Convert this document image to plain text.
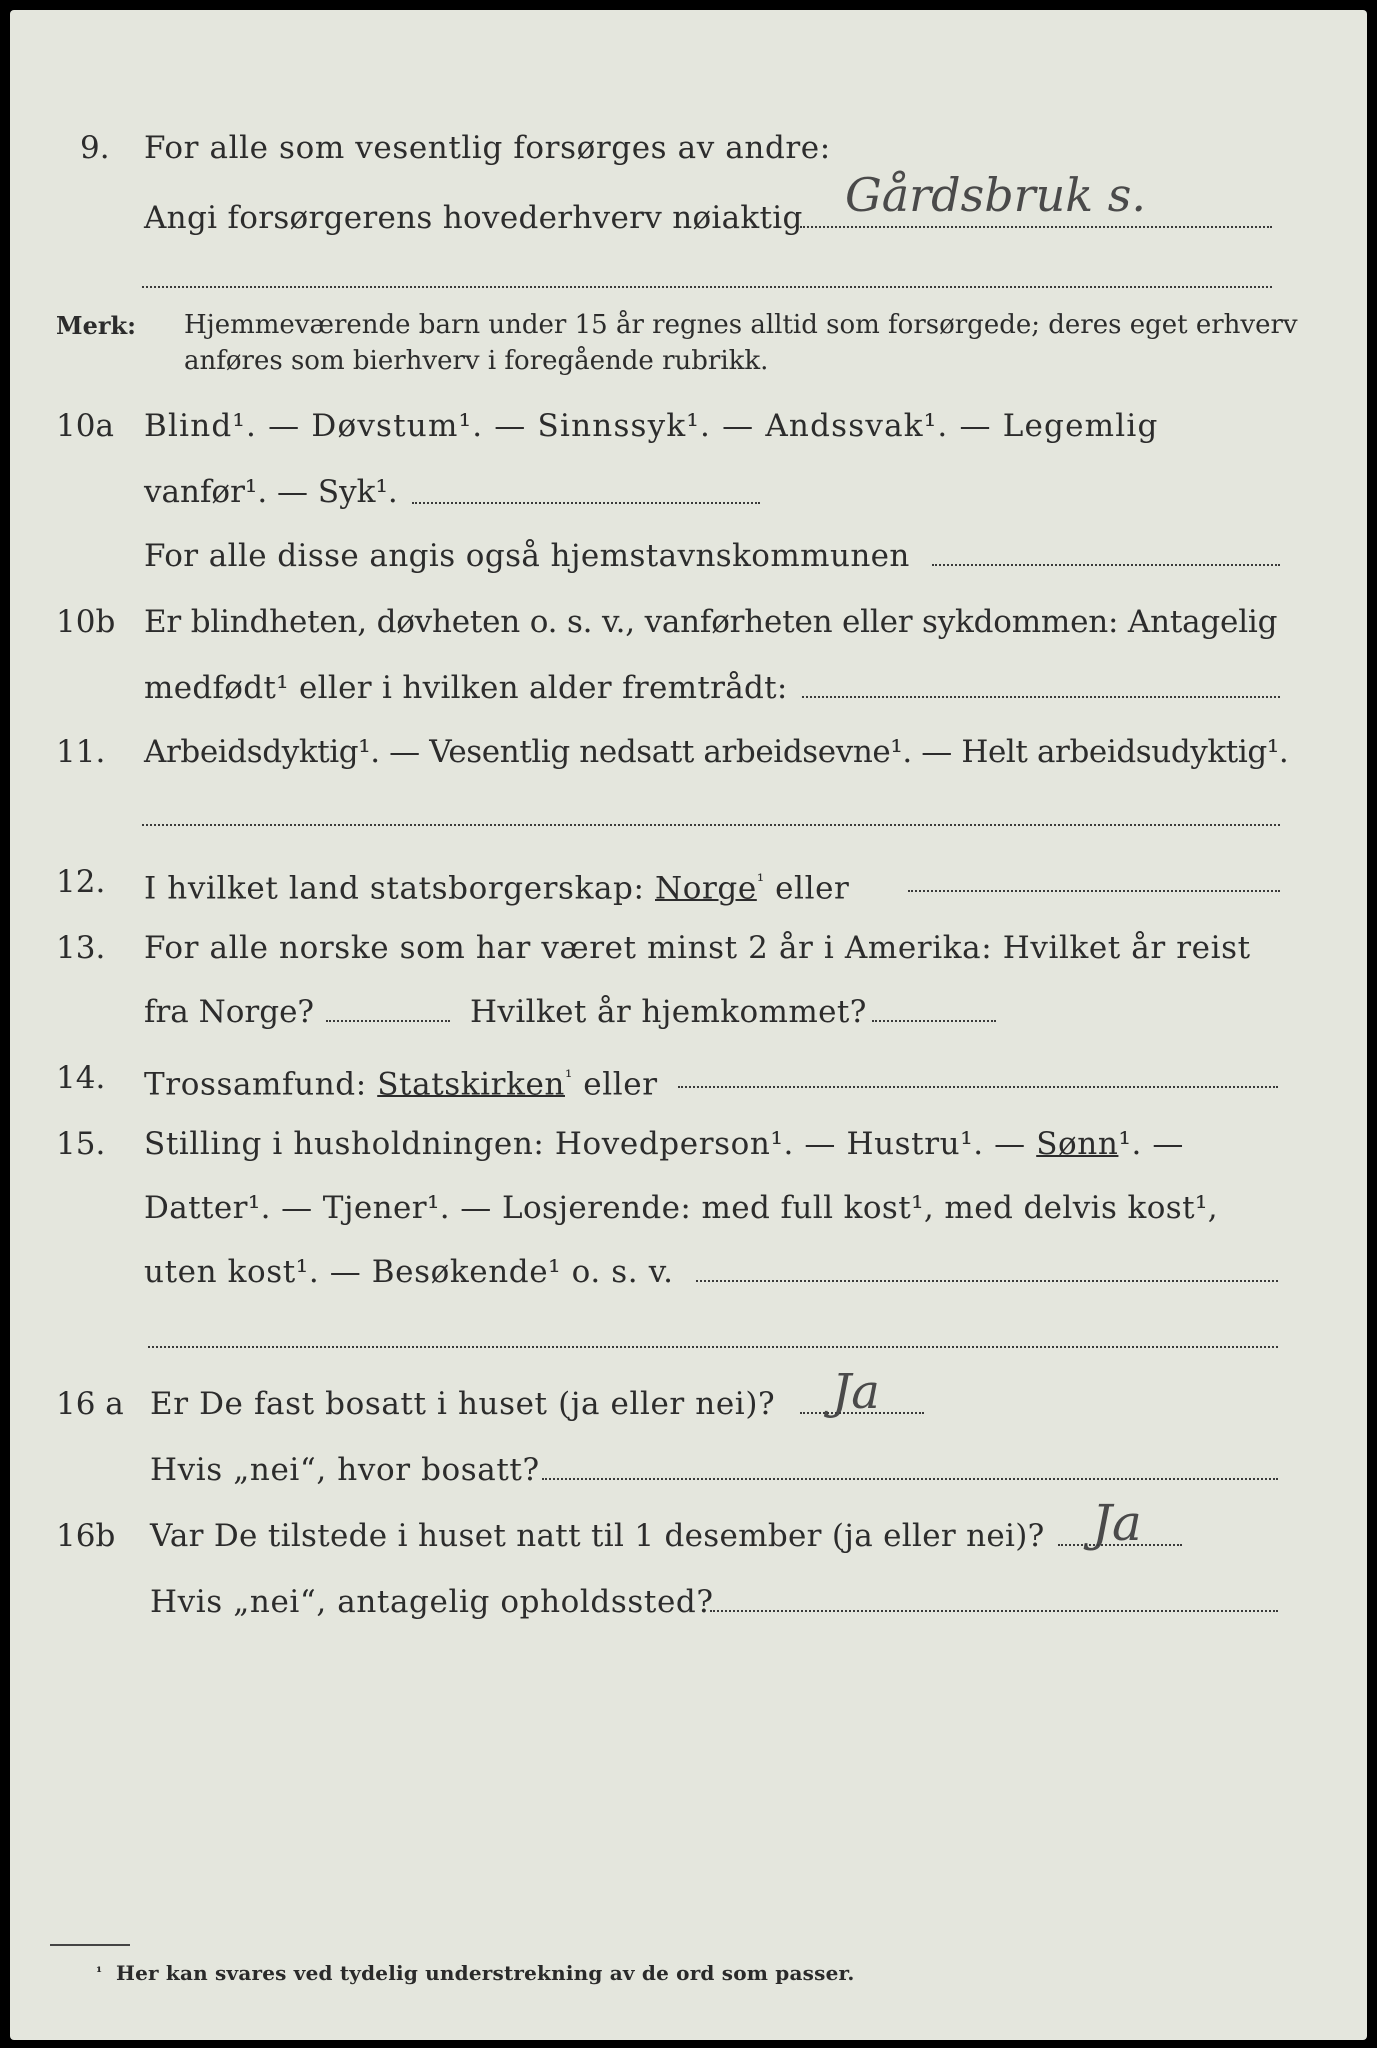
9. For alle som vesentlig forsørges av andre:
Angi forsørgerens hovederhverv nøiaktig Gårdsbruk s.
Merk: Hjemmeværende barn under 15 år regnes alltid som forsørgede; deres eget erhverv
anføres som bierhverv i foregående rubrikk.
10a Blind¹. — Døvstum¹. — Sinnssyk¹. — Andssvak¹. — Legemlig
vanfør¹. — Syk¹.
For alle disse angis også hjemstavnskommunen
10b Er blindheten, døvheten o. s. v., vanførheten eller sykdommen: Antagelig
medfødt¹ eller i hvilken alder fremtrådt:
11. Arbeidsdyktig¹. — Vesentlig nedsatt arbeidsevne¹. — Helt arbeidsudyktig¹.
12. I hvilket land statsborgerskap: Norge$^{^1}$ eller
13. For alle norske som har været minst 2 år i Amerika: Hvilket år reist
fra Norge?	Hvilket år hjemkommet?
14. Trossamfund: Statskirken$^{^1}$ eller
15. Stilling i husholdningen: Hovedperson¹. — Hustru¹. — Sønn¹. —
Datter¹. — Tjener¹. — Losjerende: med full kost¹, med delvis kost¹,
uten kost¹. — Besøkende¹ o. s. v.
16 a Er De fast bosatt i huset (ja eller nei)? Ja
Hvis „nei“, hvor bosatt?
16b Var De tilstede i huset natt til 1 desember (ja eller nei)? Ja
Hvis „nei“, antagelig opholdssted?
¹ Her kan svares ved tydelig understrekning av de ord som passer.
